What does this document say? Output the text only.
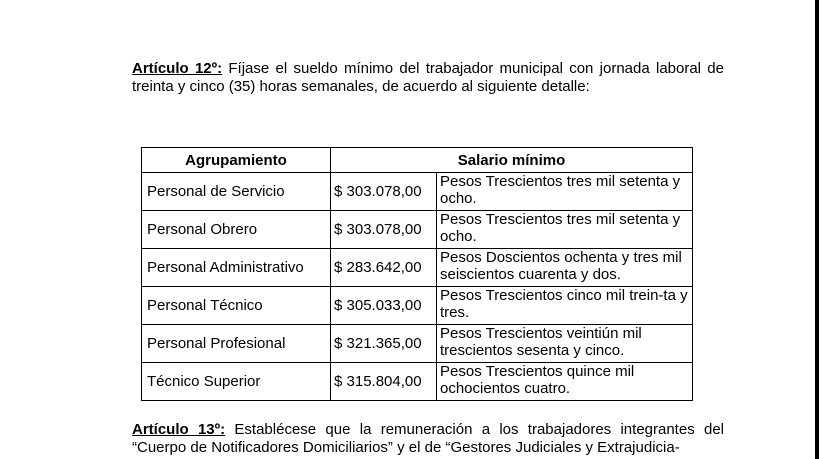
Artículo 12º: Fíjase el sueldo mínimo del trabajador municipal con jornada laboral de treinta y cinco (35) horas semanales, de acuerdo al siguiente detalle:

Agrupamiento	Salario mínimo	
Personal de Servicio	$ 303.078,00	Pesos Trescientos tres mil setenta y ocho.
Personal Obrero	$ 303.078,00	Pesos Trescientos tres mil setenta y ocho.
Personal Administrativo	$ 283.642,00	Pesos Doscientos ochenta y tres mil seiscientos cuarenta y dos.
Personal Técnico	$ 305.033,00	Pesos Trescientos cinco mil trein-ta y tres.
Personal Profesional	$ 321.365,00	Pesos Trescientos veintiún mil trescientos sesenta y cinco.
Técnico Superior	$ 315.804,00	Pesos Trescientos quince mil ochocientos cuatro.

Artículo 13º: Establécese que la remuneración a los trabajadores integrantes del “Cuerpo de Notificadores Domiciliarios” y el de “Gestores Judiciales y Extrajudicia-
